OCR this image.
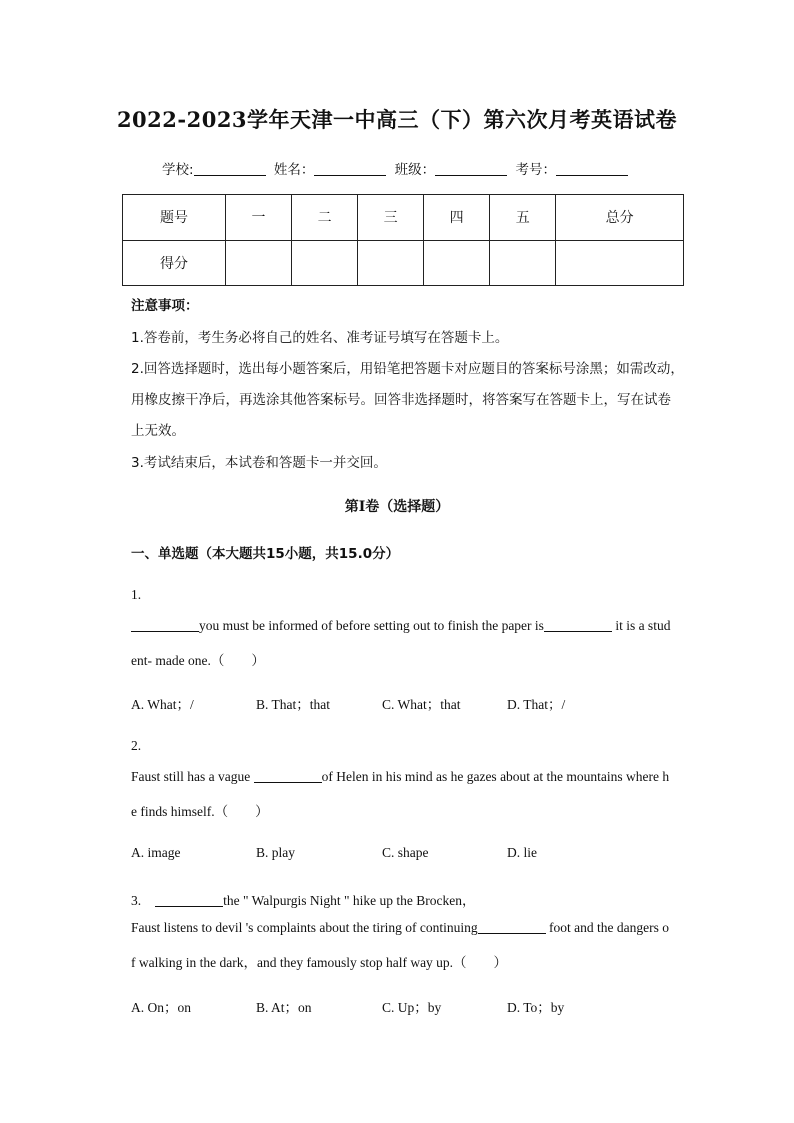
2022-2023学年天津一中高三（下）第六次月考英语试卷
学校:	姓名：	班级：	考号：
题号	一	二	三	四	五	总分
得分						
注意事项：
1.答卷前，考生务必将自己的姓名、准考证号填写在答题卡上。
2.回答选择题时，选出每小题答案后，用铅笔把答题卡对应题目的答案标号涂黑；如需改动，
用橡皮擦干净后，再选涂其他答案标号。回答非选择题时，将答案写在答题卡上，写在试卷
上无效。
3.考试结束后，本试卷和答题卡一并交回。
第I卷（选择题）
一、单选题（本大题共15小题，共15.0分）
1.
you must be informed of before setting out to finish the paper is	it is a stud
ent- made one.（　　）
A. What；/	B. That；that	C. What；that	D. That；/
2.
Faust still has a vague	of Helen in his mind as he gazes about at the mountains where h
e finds himself.（　　）
A. image	B. play	C. shape	D. lie
3.	the " Walpurgis Night " hike up the Brocken，
Faust listens to devil 's complaints about the tiring of continuing	foot and the dangers o
f walking in the dark，and they famously stop half way up.（　　）
A. On；on	B. At；on	C. Up；by	D. To；by
